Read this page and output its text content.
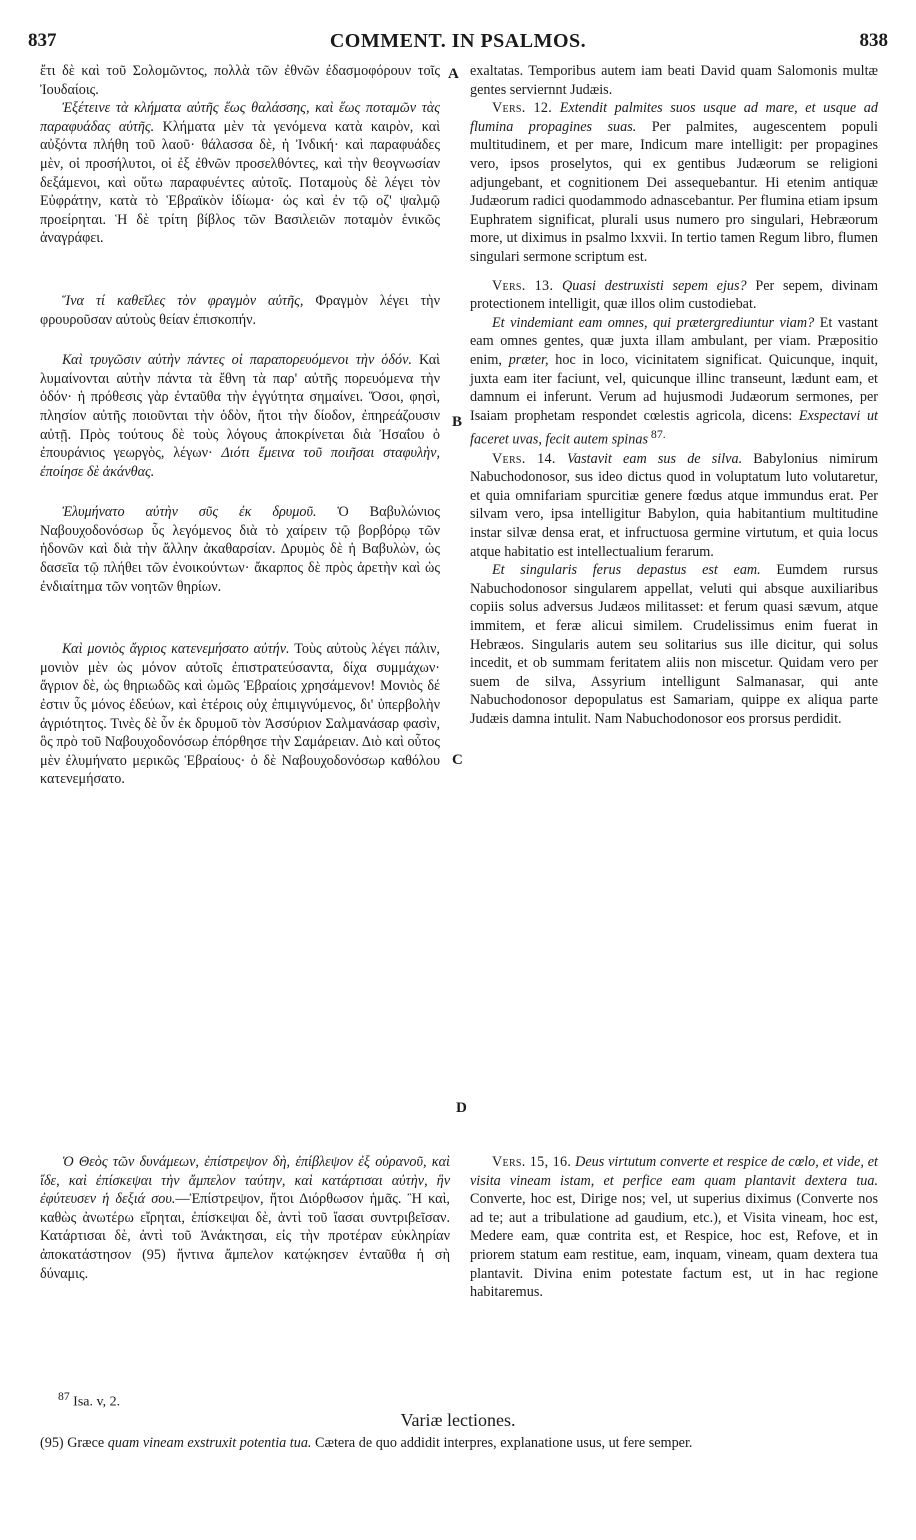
837	COMMENT. IN PSALMOS.	838
A
B
C
D

ἔτι δὲ καὶ τοῦ Σολομῶντος, πολλὰ τῶν ἐθνῶν ἐδασμοφόρουν τοῖς Ἰουδαίοις.

Ἐξέτεινε τὰ κλήματα αὐτῆς ἕως θαλάσσης, καὶ ἕως ποταμῶν τὰς παραφυάδας αὐτῆς. Κλήματα μὲν τὰ γενόμενα κατὰ καιρὸν, καὶ αὐξόντα πλήθη τοῦ λαοῦ· θάλασσα δὲ, ἡ Ἰνδική· καὶ παραφυάδες μὲν, οἱ προσήλυτοι, οἱ ἐξ ἐθνῶν προσελθόντες, καὶ τὴν θεογνωσίαν δεξάμενοι, καὶ οὕτω παραφυέντες αὐτοῖς. Ποταμοὺς δὲ λέγει τὸν Εὐφράτην, κατὰ τὸ Ἑβραϊκὸν ἰδίωμα· ὡς καὶ ἐν τῷ οζ' ψαλμῷ προείρηται. Ἡ δὲ τρίτη βίβλος τῶν Βασιλειῶν ποταμὸν ἑνικῶς ἀναγράφει.

Ἵνα τί καθεῖλες τὸν φραγμὸν αὐτῆς, Φραγμὸν λέγει τὴν φρουροῦσαν αὐτοὺς θείαν ἐπισκοπήν.

Καὶ τρυγῶσιν αὐτὴν πάντες οἱ παραπορευόμενοι τὴν ὁδόν. Καὶ λυμαίνονται αὐτὴν πάντα τὰ ἔθνη τὰ παρ' αὐτῆς πορευόμενα τὴν ὁδόν· ἡ πρόθεσις γὰρ ἐνταῦθα τὴν ἐγγύτητα σημαίνει. Ὅσοι, φησὶ, πλησίον αὐτῆς ποιοῦνται τὴν ὁδὸν, ἤτοι τὴν δίοδον, ἐπηρεάζουσιν αὐτῇ. Πρὸς τούτους δὲ τοὺς λόγους ἀποκρίνεται διὰ Ἠσαΐου ὁ ἐπουράνιος γεωργὸς, λέγων· Διότι ἔμεινα τοῦ ποιῆσαι σταφυλὴν, ἐποίησε δὲ ἀκάνθας.

Ἐλυμήνατο αὐτὴν σῦς ἐκ δρυμοῦ. Ὁ Βαβυλώνιος Ναβουχοδονόσωρ ὗς λεγόμενος διὰ τὸ χαίρειν τῷ βορβόρῳ τῶν ἡδονῶν καὶ διὰ τὴν ἄλλην ἀκαθαρσίαν. Δρυμὸς δὲ ἡ Βαβυλὼν, ὡς δασεῖα τῷ πλήθει τῶν ἐνοικούντων· ἄκαρπος δὲ πρὸς ἀρετὴν καὶ ὡς ἐνδιαίτημα τῶν νοητῶν θηρίων.

Καὶ μονιὸς ἄγριος κατενεμήσατο αὐτήν. Τοὺς αὐτοὺς λέγει πάλιν, μονιὸν μὲν ὡς μόνον αὐτοῖς ἐπιστρατεύσαντα, δίχα συμμάχων· ἄγριον δὲ, ὡς θηριωδῶς καὶ ὠμῶς Ἑβραίοις χρησάμενον! Μονιὸς δέ ἐστιν ὗς μόνος ἐδεύων, καὶ ἑτέροις οὐχ ἐπιμιγνύμενος, δι' ὑπερβολὴν ἀγριότητος. Τινὲς δὲ ὗν ἐκ δρυμοῦ τὸν Ἀσσύριον Σαλμανάσαρ φασὶν, ὃς πρὸ τοῦ Ναβουχοδονόσωρ ἐπόρθησε τὴν Σαμάρειαν. Διὸ καὶ οὗτος μὲν ἐλυμήνατο μερικῶς Ἑβραίους· ὁ δὲ Ναβουχοδονόσωρ καθόλου κατενεμήσατο.

exaltatas. Temporibus autem iam beati David quam Salomonis multæ gentes serviernnt Judæis.

Vers. 12. Extendit palmites suos usque ad mare, et usque ad flumina propagines suas. Per palmites, augescentem populi multitudinem, et per mare, Indicum mare intelligit: per propagines vero, ipsos proselytos, qui ex gentibus Judæorum se religioni adjungebant, et cognitionem Dei assequebantur. Hi etenim antiquæ Judæorum radici quodammodo adnascebantur. Per flumina etiam ipsum Euphratem significat, plurali usus numero pro singulari, Hebræorum more, ut diximus in psalmo lxxvii. In tertio tamen Regum libro, flumen singulari sermone scriptum est.

Vers. 13. Quasi destruxisti sepem ejus? Per sepem, divinam protectionem intelligit, quæ illos olim custodiebat.

Et vindemiant eam omnes, qui prætergrediuntur viam? Et vastant eam omnes gentes, quæ juxta illam ambulant, per viam. Præpositio enim, præter, hoc in loco, vicinitatem significat. Quicunque, inquit, juxta eam iter faciunt, vel, quicunque illinc transeunt, lædunt eam, et damnum ei inferunt. Verum ad hujusmodi Judæorum sermones, per Isaiam prophetam respondet cœlestis agricola, dicens: Exspectavi ut faceret uvas, fecit autem spinas $^{87.}$

Vers. 14. Vastavit eam sus de silva. Babylonius nimirum Nabuchodonosor, sus ideo dictus quod in voluptatum luto volutaretur, et quia omnifariam spurcitiæ genere fœdus atque immundus erat. Per silvam vero, ipsa intelligitur Babylon, quia habitantium multitudine instar silvæ densa erat, et infructuosa germine virtutum, et quia locus atque habitatio est intellectualium ferarum.

Et singularis ferus depastus est eam. Eumdem rursus Nabuchodonosor singularem appellat, veluti qui absque auxiliaribus copiis solus adversus Judæos militasset: et ferum quasi sævum, atque immitem, et feræ alicui similem. Crudelissimus enim fuerat in Hebræos. Singularis autem seu solitarius sus ille dicitur, qui solus incedit, et ob summam feritatem aliis non miscetur. Quidam vero per suem de silva, Assyrium intelligunt Salmanasar, qui ante Nabuchodonosor depopulatus est Samariam, quippe ex aliqua parte Judæis damna intulit. Nam Nabuchodonosor eos prorsus perdidit.

Ὁ Θεὸς τῶν δυνάμεων, ἐπίστρεψον δὴ, ἐπίβλεψον ἐξ οὐρανοῦ, καὶ ἴδε, καὶ ἐπίσκεψαι τὴν ἄμπελον ταύτην, καὶ κατάρτισαι αὐτὴν, ἣν ἐφύτευσεν ἡ δεξιά σου.—Ἐπίστρεψον, ἤτοι Διόρθωσον ἡμᾶς. Ἢ καὶ, καθὼς ἀνωτέρω εἴρηται, ἐπίσκεψαι δὲ, ἀντὶ τοῦ ἴασαι συντριβεῖσαν. Κατάρτισαι δὲ, ἀντὶ τοῦ Ἀνάκτησαι, εἰς τὴν προτέραν εὐκληρίαν ἀποκατάστησον (95) ἥντινα ἄμπελον κατῴκησεν ἐνταῦθα ἡ σὴ δύναμις.

Vers. 15, 16. Deus virtutum converte et respice de cœlo, et vide, et visita vineam istam, et perfice eam quam plantavit dextera tua. Converte, hoc est, Dirige nos; vel, ut superius diximus (Converte nos ad te; aut a tribulatione ad gaudium, etc.), et Visita vineam, hoc est, Medere eam, quæ contrita est, et Respice, hoc est, Refove, et in priorem statum eam restitue, eam, inquam, vineam, quam dextera tua plantavit. Divina enim potestate factum est, ut in hac regione habitaremus.

$^{87}$ Isa. v, 2.
Variæ lectiones.
(95) Græce quam vineam exstruxit potentia tua. Cætera de quo addidit interpres, explanatione usus, ut fere semper.
